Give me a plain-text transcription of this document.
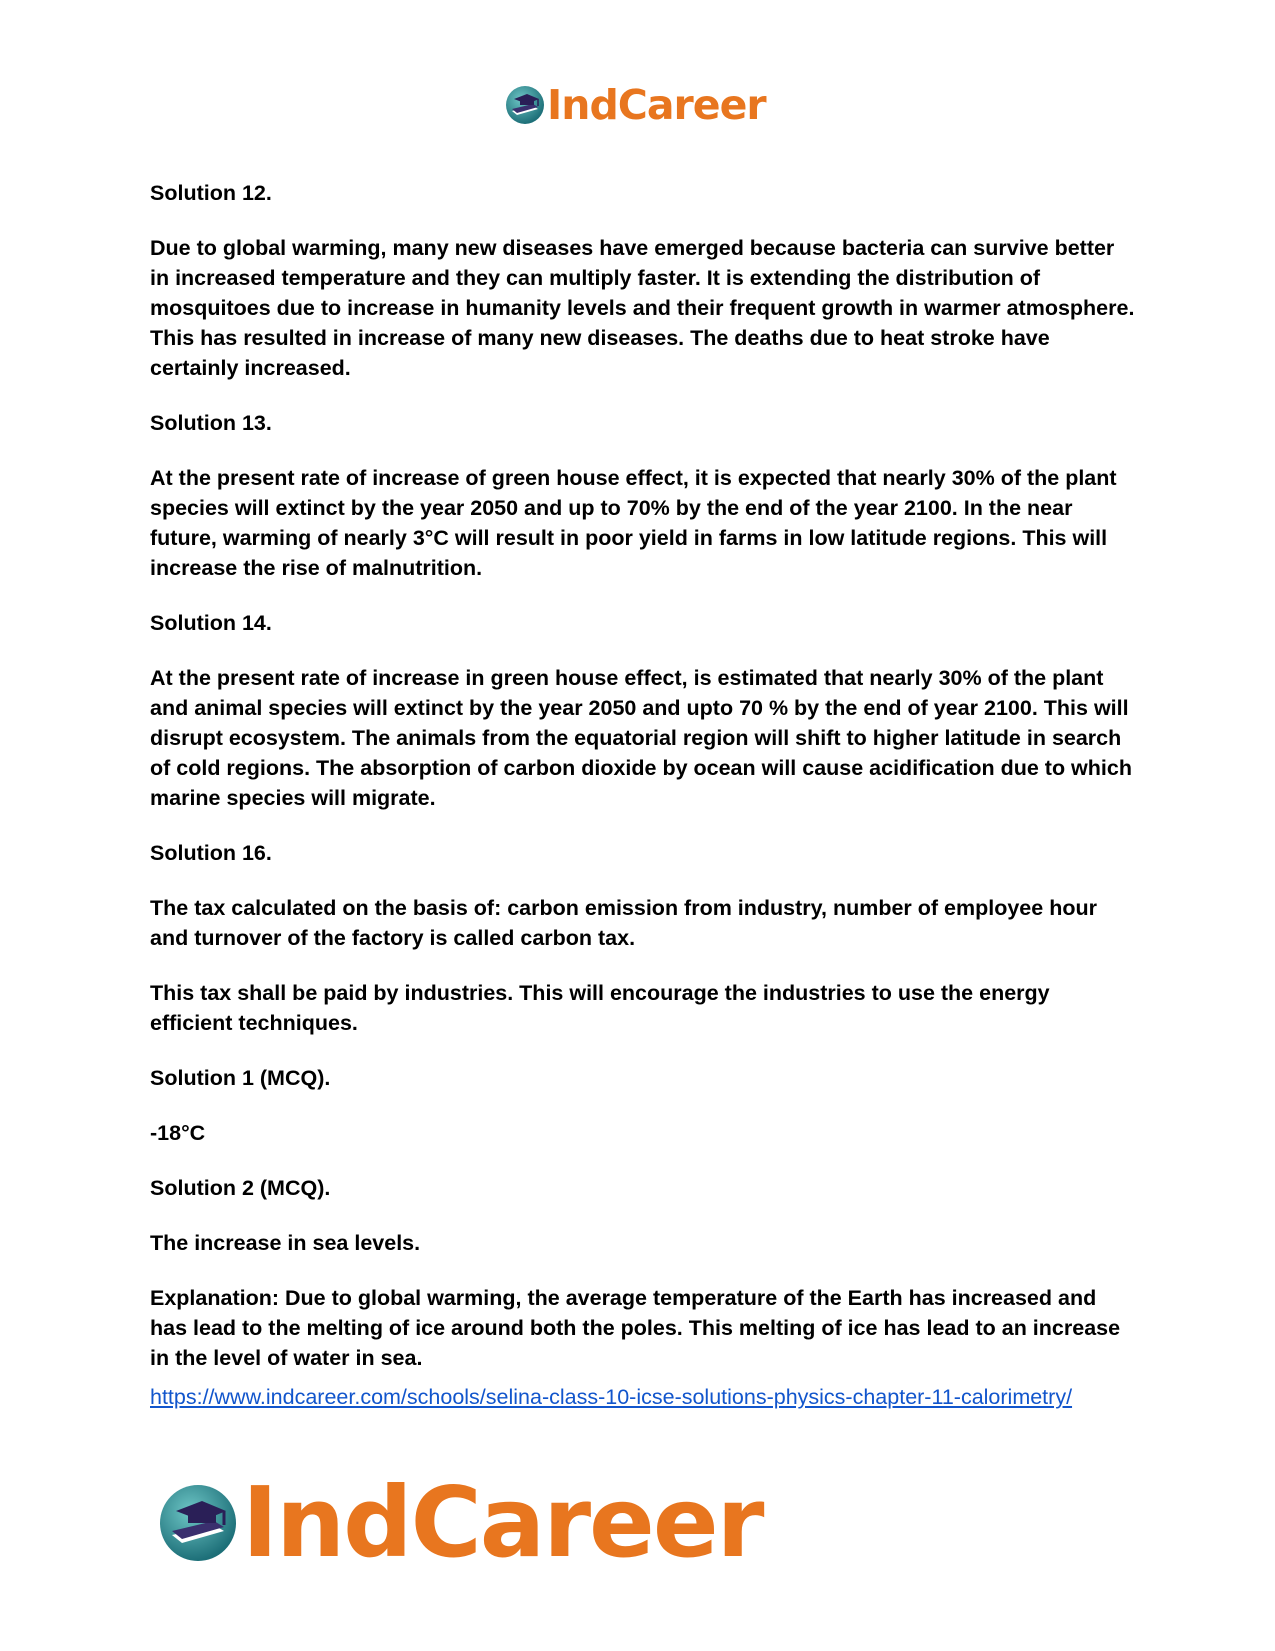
IndCareer
Solution 12.
Due to global warming, many new diseases have emerged because bacteria can survive better in increased temperature and they can multiply faster. It is extending the distribution of mosquitoes due to increase in humanity levels and their frequent growth in warmer atmosphere. This has resulted in increase of many new diseases. The deaths due to heat stroke have certainly increased.
Solution 13.
At the present rate of increase of green house effect, it is expected that nearly 30% of the plant species will extinct by the year 2050 and up to 70% by the end of the year 2100. In the near future, warming of nearly 3°C will result in poor yield in farms in low latitude regions. This will increase the rise of malnutrition.
Solution 14.
At the present rate of increase in green house effect, is estimated that nearly 30% of the plant and animal species will extinct by the year 2050 and upto 70 % by the end of year 2100. This will disrupt ecosystem. The animals from the equatorial region will shift to higher latitude in search of cold regions. The absorption of carbon dioxide by ocean will cause acidification due to which marine species will migrate.
Solution 16.
The tax calculated on the basis of: carbon emission from industry, number of employee hour and turnover of the factory is called carbon tax.
This tax shall be paid by industries. This will encourage the industries to use the energy efficient techniques.
Solution 1 (MCQ).
-18°C
Solution 2 (MCQ).
The increase in sea levels.
Explanation: Due to global warming, the average temperature of the Earth has increased and has lead to the melting of ice around both the poles. This melting of ice has lead to an increase in the level of water in sea.
https://www.indcareer.com/schools/selina-class-10-icse-solutions-physics-chapter-11-calorimetry/
IndCareer
